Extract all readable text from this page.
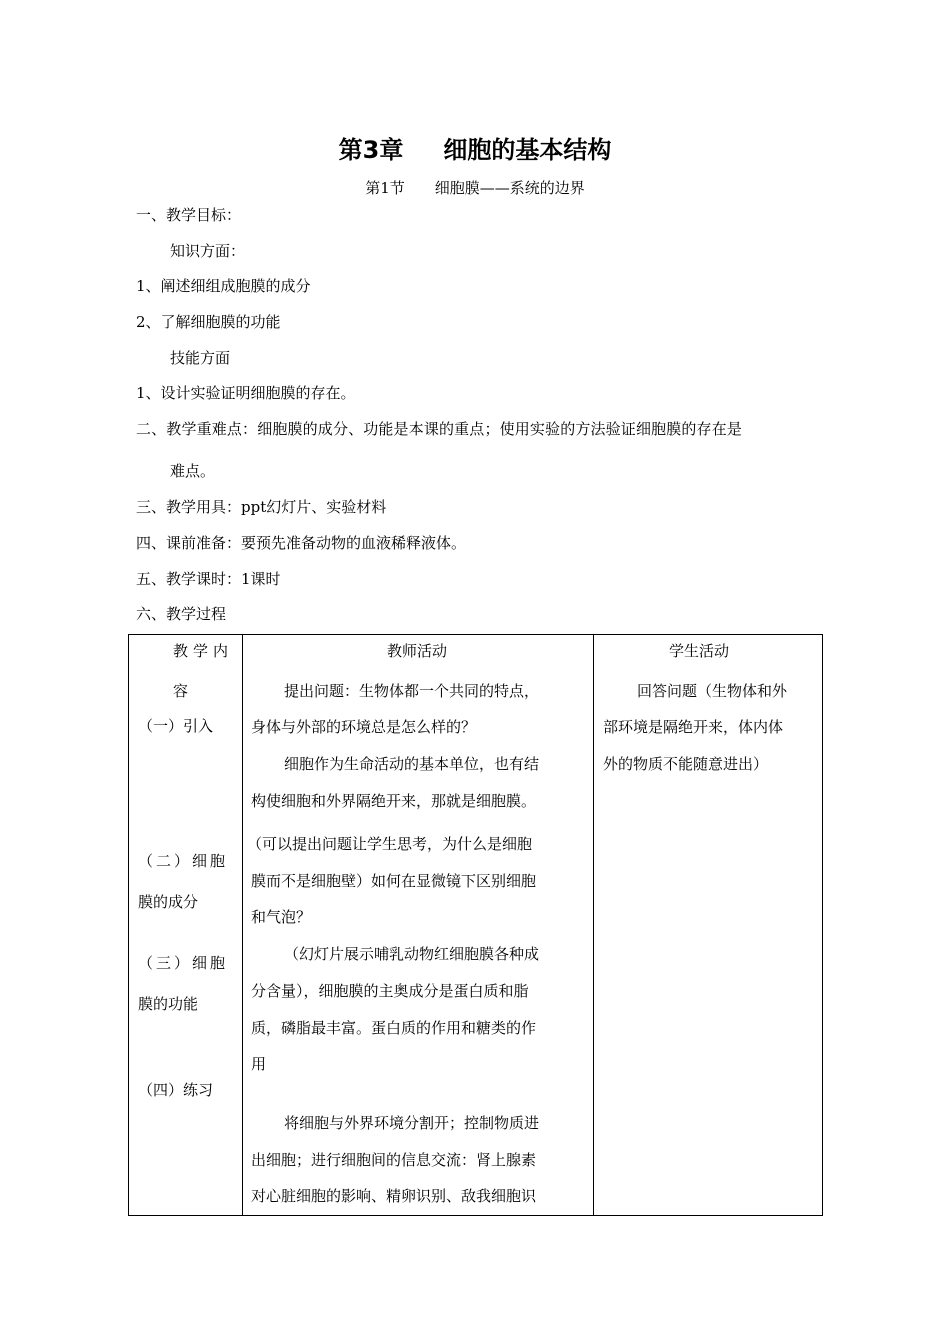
第3章 细胞的基本结构
第1节 细胞膜——系统的边界
一、教学目标：
知识方面：
1、阐述细组成胞膜的成分
2、了解细胞膜的功能
技能方面
1、设计实验证明细胞膜的存在。
二、教学重难点：细胞膜的成分、功能是本课的重点；使用实验的方法验证细胞膜的存在是
难点。
三、教学用具：ppt幻灯片、实验材料
四、课前准备：要预先准备动物的血液稀释液体。
五、教学课时：1课时
六、教学过程
教学内	教师活动	学生活动
容
（一）引入
（二）细胞
膜的成分
（三）细胞
膜的功能
（四）练习
提出问题：生物体都一个共同的特点，
身体与外部的环境总是怎么样的？
细胞作为生命活动的基本单位，也有结
构使细胞和外界隔绝开来，那就是细胞膜。
（可以提出问题让学生思考，为什么是细胞
膜而不是细胞壁）如何在显微镜下区别细胞
和气泡？
（幻灯片展示哺乳动物红细胞膜各种成
分含量），细胞膜的主奥成分是蛋白质和脂
质，磷脂最丰富。蛋白质的作用和糖类的作
用
将细胞与外界环境分割开；控制物质进
出细胞；进行细胞间的信息交流：肾上腺素
对心脏细胞的影响、精卵识别、敌我细胞识
回答问题（生物体和外
部环境是隔绝开来，体内体
外的物质不能随意进出）
